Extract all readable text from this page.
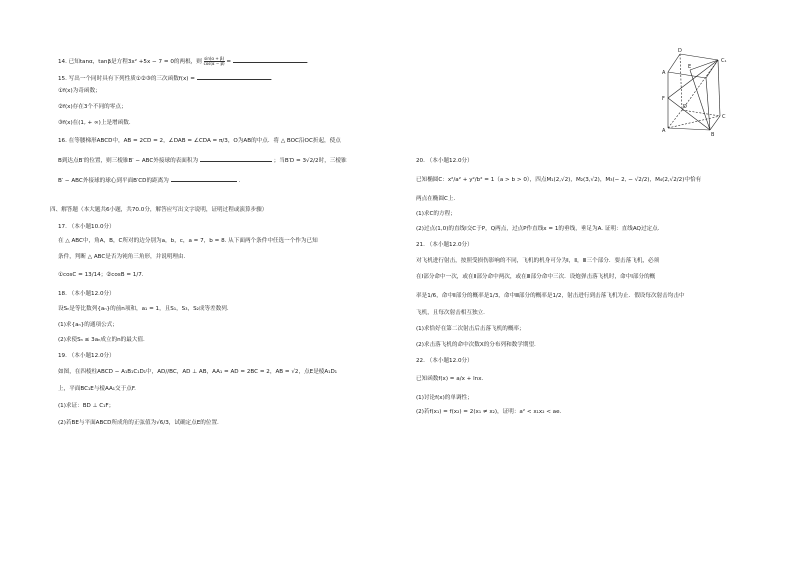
14. 已知tanα，tanβ是方程3x² +5x − 7 = 0的两根，则 $\frac{\sin(\alpha + \beta)}{\cos(\alpha - \beta)}$ =	.
15. 写出一个同时具有下列性质①②③的三次函数f(x) =	.
①f(x)为奇函数；
②f(x)存在3个不同的零点；
③f(x)在(1, + ∞)上是增函数.
16. 在等腰梯形ABCD中，AB = 2CD = 2，∠DAB = ∠CDA = π/3，O为AB的中点．将 △ BOC沿OC折起，使点
B到达点B′的位置，则三棱锥B′ − ABC外接球的表面积为	；当B′D = 3√2/2时，三棱锥
B′ − ABC外接球的球心到平面B′CD的距离为	.
四、解答题（本大题共6小题，共70.0分，解答应写出文字说明，证明过程或演算步骤）
17. （本小题10.0分）
在 △ ABC中，角A，B，C所对的边分别为a，b，c，a = 7，b = 8. 从下面两个条件中任选一个作为已知
条件，判断 △ ABC是否为钝角三角形，并说明理由.
①cosC = 13/14；②cosB = 1/7.
18. （本小题12.0分）
设Sₙ是等比数列{aₙ}的前n项和，a₁ = 1，且S₁，S₃，S₂成等差数列.
(1)求{aₙ}的通项公式；
(2)求使Sₙ ≤ 3aₙ成立的n的最大值.
19. （本小题12.0分）
如图，在四棱柱ABCD − A₁B₁C₁D₁中，AD//BC，AD ⊥ AB，AA₁ = AD = 2BC = 2，AB = √2，点E是棱A₁D₁
上，平面BC₁E与棱AA₁交于点F.
(1)求证：BD ⊥ C₁F；
(2)若BE与平面ABCD所成角的正弦值为√6/3，试确定点E的位置.
D
A
C₁
F
E
D
C
A
B
20. （本小题12.0分）
已知椭圆C：x²/a² + y²/b² = 1（a > b > 0），四点M₁(2,√2)，M₂(3,√2)，M₃(− 2, − √2/2)，M₄(2,√2/2)中恰有
两点在椭圆C上.
(1)求C的方程；
(2)过点(1,0)的直线l交C于P，Q两点，过点P作直线x = 1的垂线，垂足为A. 证明：直线AQ过定点.
21. （本小题12.0分）
对飞机进行射击，按照受损伤影响的不同，飞机的机身可分为Ⅰ，Ⅱ，Ⅲ三个部分．要击落飞机，必须
在Ⅰ部分命中一次，或在Ⅱ部分命中两次，或在Ⅲ部分命中三次．设炮弹击落飞机时，命中Ⅰ部分的概
率是1/6，命中Ⅱ部分的概率是1/3，命中Ⅲ部分的概率是1/2，射击进行到击落飞机为止．假设每次射击均击中
飞机，且每次射击相互独立.
(1)求恰好在第二次射击后击落飞机的概率；
(2)求击落飞机的命中次数X的分布列和数学期望.
22. （本小题12.0分）
已知函数f(x) = a/x + lnx.
(1)讨论f(x)的单调性；
(2)若f(x₁) = f(x₂) = 2(x₁ ≠ x₂)，证明：a² < x₁x₂ < ae.
